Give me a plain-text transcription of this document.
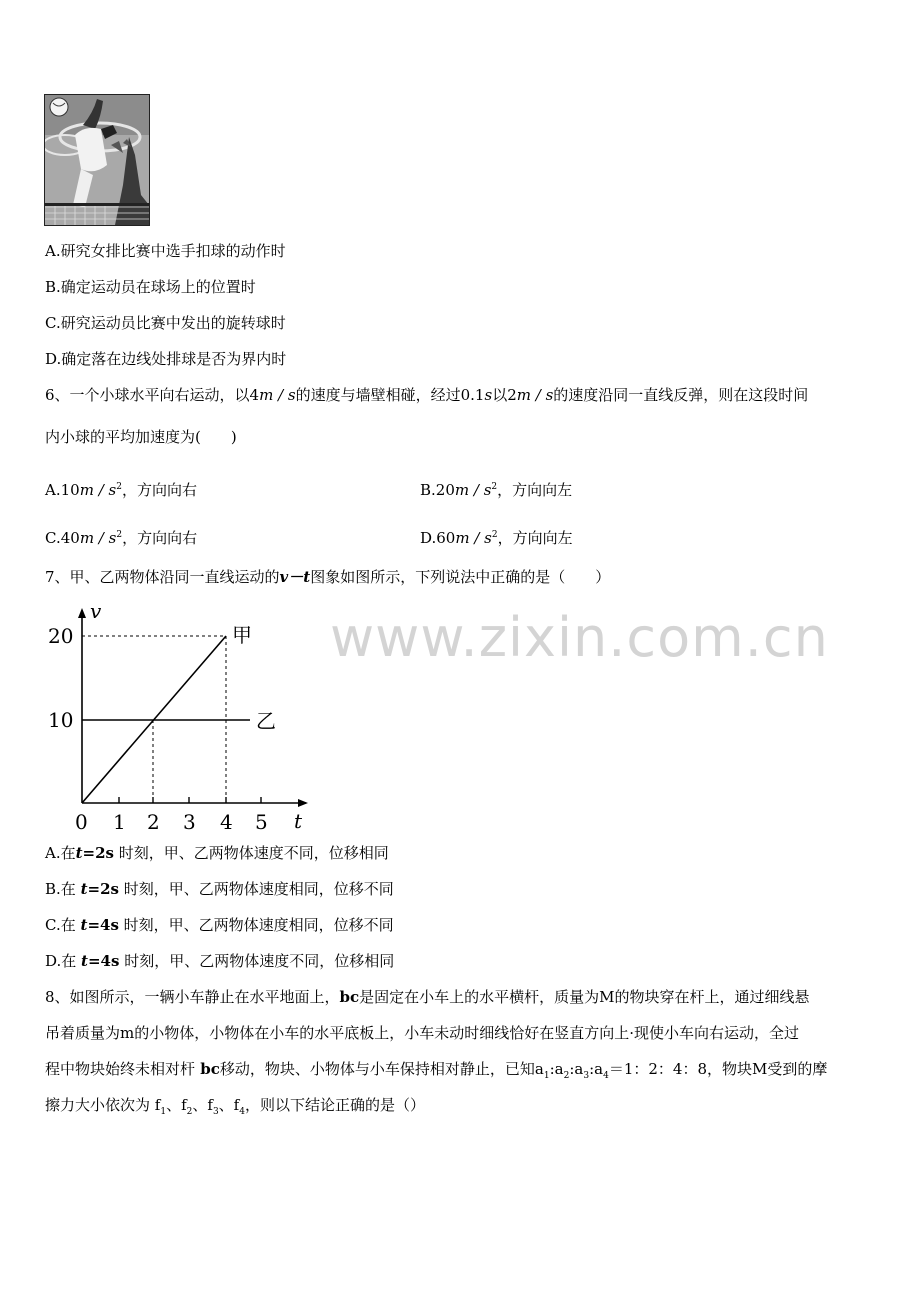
A.研究女排比赛中选手扣球的动作时
B.确定运动员在球场上的位置时
C.研究运动员比赛中发出的旋转球时
D.确定落在边线处排球是否为界内时
6、一个小球水平向右运动，以4m / s的速度与墙壁相碰，经过0.1s以2m / s的速度沿同一直线反弹，则在这段时间
内小球的平均加速度为(　　)
$A.10m / s^2$，方向向右	$B.20m / s^2$，方向向左
$C.40m / s^2$，方向向右	$D.60m / s^2$，方向向左
7、甲、乙两物体沿同一直线运动的v－t图象如图所示，下列说法中正确的是（　　）
v
t
20
10
0 1 2 3 4 5
甲
乙
www.zixin.com.cn
A.在t=2s 时刻，甲、乙两物体速度不同，位移相同
B.在 t=2s 时刻，甲、乙两物体速度相同，位移不同
C.在 t=4s 时刻，甲、乙两物体速度相同，位移不同
D.在 t=4s 时刻，甲、乙两物体速度不同，位移相同
8、如图所示，一辆小车静止在水平地面上，bc是固定在小车上的水平横杆，质量为M的物块穿在杆上，通过细线悬
吊着质量为m的小物体，小物体在小车的水平底板上，小车未动时细线恰好在竖直方向上·现使小车向右运动，全过
程中物块始终未相对杆 bc移动，物块、小物体与小车保持相对静止，已知$a_1:a_2:a_3:a_4=1$：2：4：8，物块M受到的摩
擦力大小依次为 $f_1$、$f_2$、$f_3$、$f_4$，则以下结论正确的是（）
